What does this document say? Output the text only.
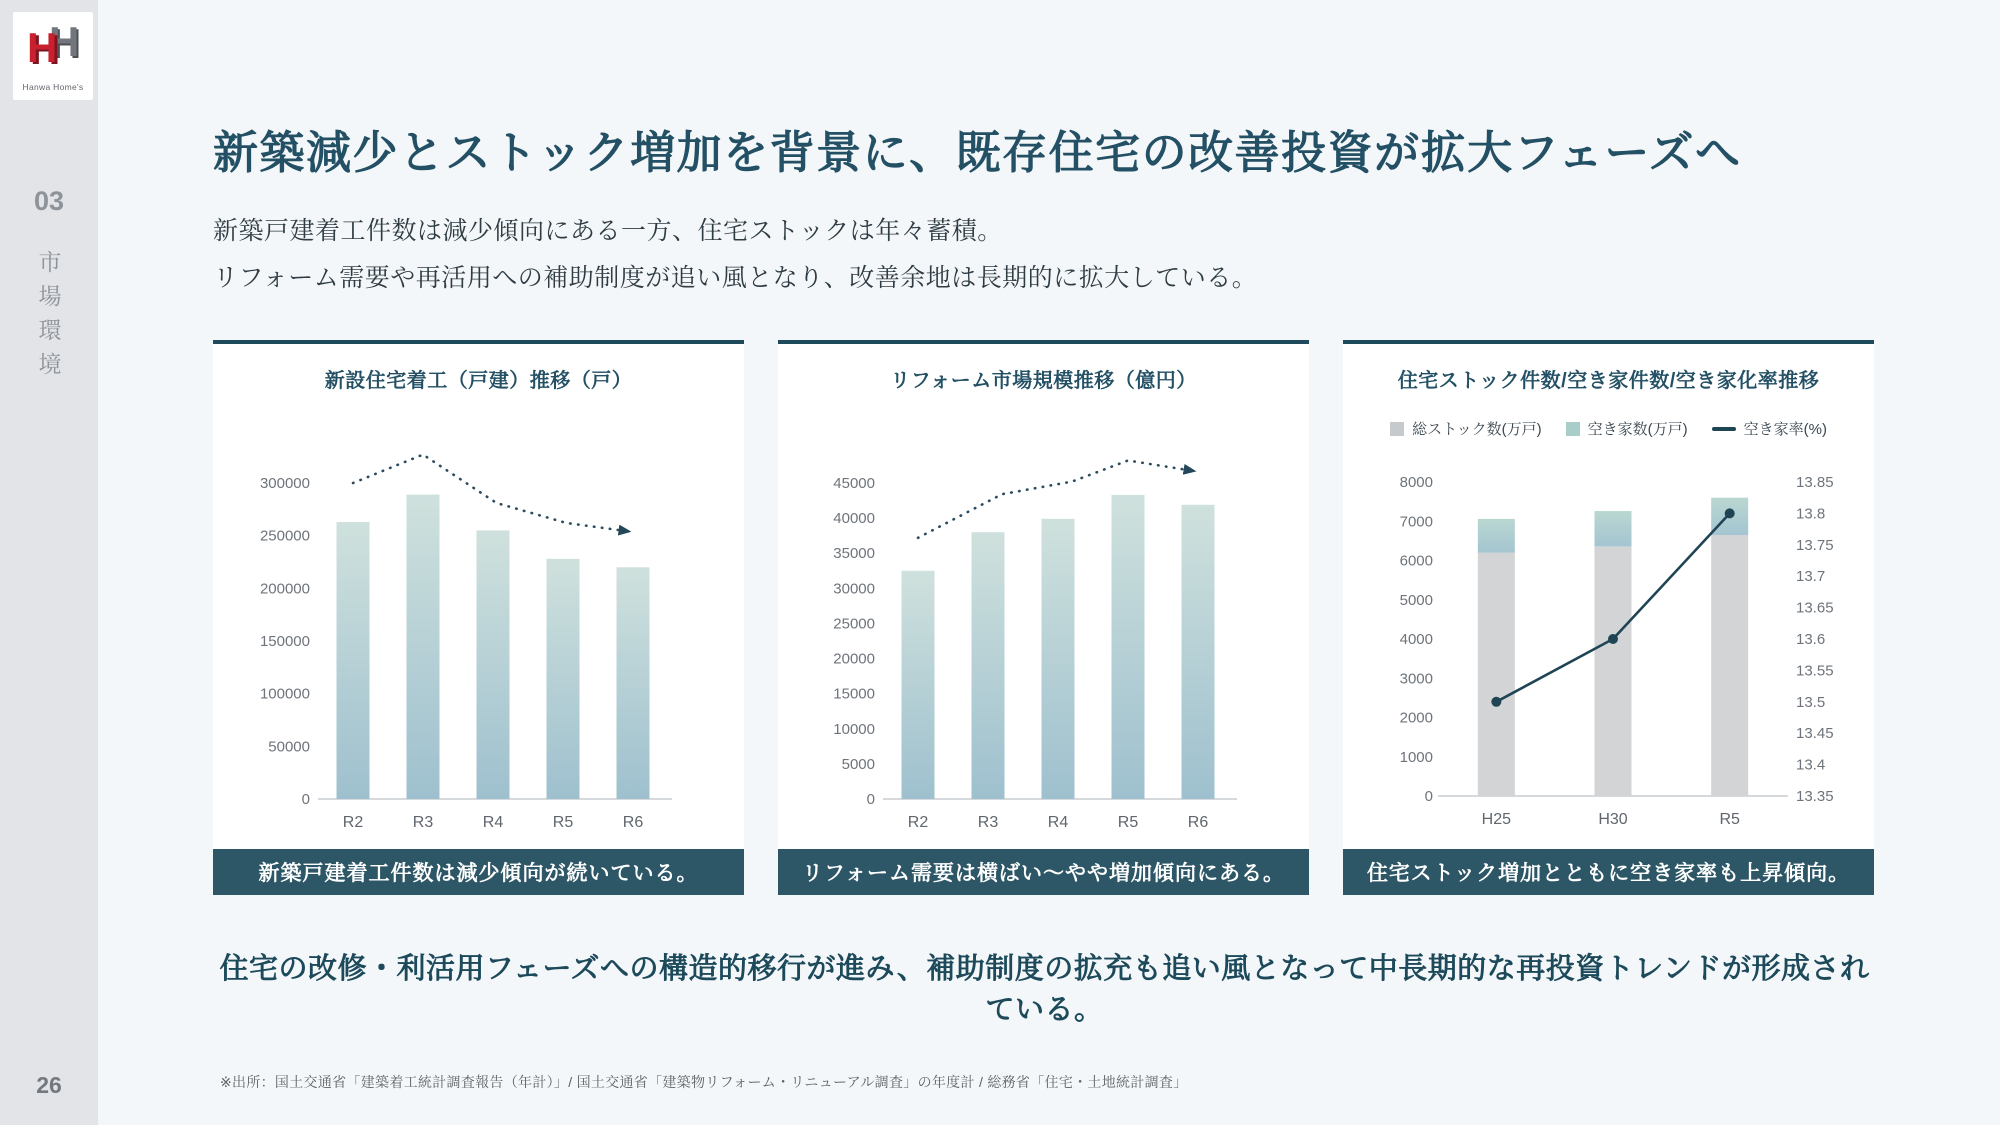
H
H
Hanwa Home's
03
市場環境
26
新築減少とストック増加を背景に、既存住宅の改善投資が拡大フェーズへ

新築戸建着工件数は減少傾向にある一方、住宅ストックは年々蓄積。

リフォーム需要や再活用への補助制度が追い風となり、改善余地は長期的に拡大している。

新設住宅着工（戸建）推移（戸）
0
50000
100000
150000
200000
250000
300000
R2	R3	R4	R5	R6
新築戸建着工件数は減少傾向が続いている。
リフォーム市場規模推移（億円）
0
5000
10000
15000
20000
25000
30000
35000
40000
45000
R2	R3	R4	R5	R6
リフォーム需要は横ばい〜やや増加傾向にある。
住宅ストック件数/空き家件数/空き家化率推移
総ストック数(万戸)	空き家数(万戸)	空き家率(%)
0
1000
2000
3000
4000
5000
6000
7000
8000	13.85
13.8
13.75
13.7
13.65
13.6
13.55
13.5
13.45
13.4
13.35
H25	H30	R5
住宅ストック増加とともに空き家率も上昇傾向。
住宅の改修・利活用フェーズへの構造的移行が進み、補助制度の拡充も追い風となって中長期的な再投資トレンドが形成されている。
※出所：国土交通省「建築着工統計調査報告（年計）」/ 国土交通省「建築物リフォーム・リニューアル調査」の年度計 / 総務省「住宅・土地統計調査」
